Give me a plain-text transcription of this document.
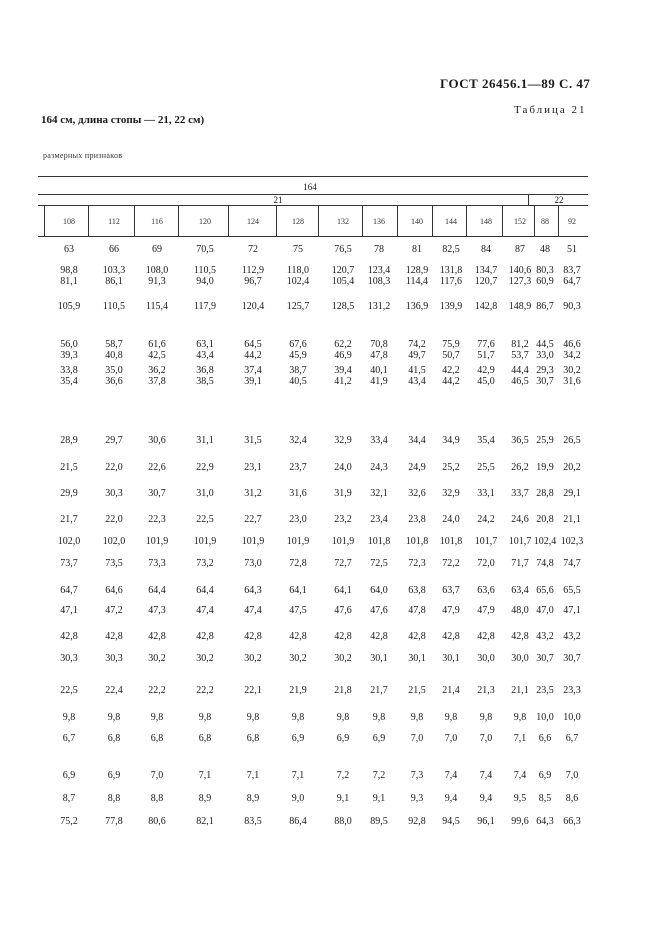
ГОСТ 26456.1—89 С. 47
Таблица 21
164 см, длина стопы — 21, 22 см)
размерных признаков
164
21	22
108	112	116	120	124	128	132	136	140	144	148	152	88	92
63	66	69	70,5	72	75	76,5	78	81	82,5	84	87	48	51
98,8	103,3	108,0	110,5	112,9	118,0	120,7	123,4	128,9	131,8	134,7	140,6 80,3 83,7
81,1	86,1	91,3	94,0	96,7	102,4	105,4	108,3	114,4	117,6	120,7	127,3 60,9 64,7
105,9	110,5	115,4	117,9	120,4	125,7	128,5	131,2	136,9	139,9	142,8	148,9 86,7 90,3
56,0	58,7	61,6	63,1	64,5	67,6	62,2	70,8	74,2	75,9	77,6	81,2 44,5 46,6
39,3	40,8	42,5	43,4	44,2	45,9	46,9	47,8	49,7	50,7	51,7	53,7 33,0 34,2
33,8	35,0	36,2	36,8	37,4	38,7	39,4	40,1	41,5	42,2	42,9	44,4 29,3 30,2
35,4	36,6	37,8	38,5	39,1	40,5	41,2	41,9	43,4	44,2	45,0	46,5 30,7 31,6
28,9	29,7	30,6	31,1	31,5	32,4	32,9	33,4	34,4	34,9	35,4	36,5 25,9 26,5
21,5	22,0	22,6	22,9	23,1	23,7	24,0	24,3	24,9	25,2	25,5	26,2 19,9 20,2
29,9	30,3	30,7	31,0	31,2	31,6	31,9	32,1	32,6	32,9	33,1	33,7 28,8 29,1
21,7	22,0	22,3	22,5	22,7	23,0	23,2	23,4	23,8	24,0	24,2	24,6 20,8 21,1
102,0	102,0	101,9	101,9	101,9	101,9	101,9	101,8	101,8	101,8	101,7	101,7 102,4 102,3
73,7	73,5	73,3	73,2	73,0	72,8	72,7	72,5	72,3	72,2	72,0	71,7 74,8 74,7
64,7	64,6	64,4	64,4	64,3	64,1	64,1	64,0	63,8	63,7	63,6	63,4 65,6 65,5
47,1	47,2	47,3	47,4	47,4	47,5	47,6	47,6	47,8	47,9	47,9	48,0 47,0 47,1
42,8	42,8	42,8	42,8	42,8	42,8	42,8	42,8	42,8	42,8	42,8	42,8 43,2 43,2
30,3	30,3	30,2	30,2	30,2	30,2	30,2	30,1	30,1	30,1	30,0	30,0 30,7 30,7
22,5	22,4	22,2	22,2	22,1	21,9	21,8	21,7	21,5	21,4	21,3	21,1 23,5 23,3
9,8	9,8	9,8	9,8	9,8	9,8	9,8	9,8	9,8	9,8	9,8	9,8	10,0 10,0
6,7	6,8	6,8	6,8	6,8	6,9	6,9	6,9	7,0	7,0	7,0	7,1	6,6	6,7
6,9	6,9	7,0	7,1	7,1	7,1	7,2	7,2	7,3	7,4	7,4	7,4	6,9	7,0
8,7	8,8	8,8	8,9	8,9	9,0	9,1	9,1	9,3	9,4	9,4	9,5	8,5	8,6
75,2	77,8	80,6	82,1	83,5	86,4	88,0	89,5	92,8	94,5	96,1	99,6 64,3 66,3
